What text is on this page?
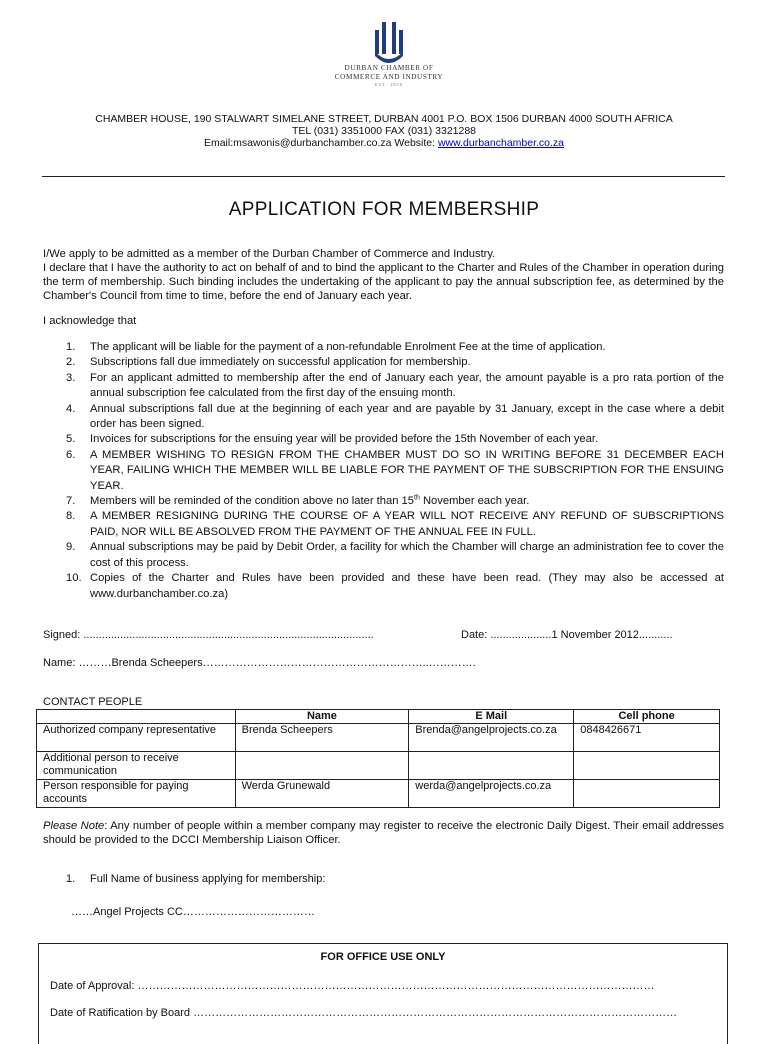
DURBAN CHAMBER OF
COMMERCE AND INDUSTRY
EST. 1856
CHAMBER HOUSE, 190 STALWART SIMELANE STREET, DURBAN 4001 P.O. BOX 1506 DURBAN 4000 SOUTH AFRICA
TEL (031) 3351000 FAX (031) 3321288
Email:msawonis@durbanchamber.co.za Website: www.durbanchamber.co.za
APPLICATION FOR MEMBERSHIP
I/We apply to be admitted as a member of the Durban Chamber of Commerce and Industry.
I declare that I have the authority to act on behalf of and to bind the applicant to the Charter and Rules of the Chamber in operation during the term of membership. Such binding includes the undertaking of the applicant to pay the annual subscription fee, as determined by the Chamber's Council from time to time, before the end of January each year.
I acknowledge that
1. The applicant will be liable for the payment of a non-refundable Enrolment Fee at the time of application.
2. Subscriptions fall due immediately on successful application for membership.
3. For an applicant admitted to membership after the end of January each year, the amount payable is a pro rata portion of the annual subscription fee calculated from the first day of the ensuing month.
4. Annual subscriptions fall due at the beginning of each year and are payable by 31 January, except in the case where a debit order has been signed.
5. Invoices for subscriptions for the ensuing year will be provided before the 15th November of each year.
6. A MEMBER WISHING TO RESIGN FROM THE CHAMBER MUST DO SO IN WRITING BEFORE 31 DECEMBER EACH YEAR, FAILING WHICH THE MEMBER WILL BE LIABLE FOR THE PAYMENT OF THE SUBSCRIPTION FOR THE ENSUING YEAR.
7. Members will be reminded of the condition above no later than 15th November each year.
8. A MEMBER RESIGNING DURING THE COURSE OF A YEAR WILL NOT RECEIVE ANY REFUND OF SUBSCRIPTIONS PAID, NOR WILL BE ABSOLVED FROM THE PAYMENT OF THE ANNUAL FEE IN FULL.
9. Annual subscriptions may be paid by Debit Order, a facility for which the Chamber will charge an administration fee to cover the cost of this process.
10. Copies of the Charter and Rules have been provided and these have been read. (They may also be accessed at www.durbanchamber.co.za)
Signed: ...............................................................................................	Date: ....................1 November 2012...........
Name: ………Brenda Scheepers……………………………………………………..………….
CONTACT PEOPLE
	Name	E Mail	Cell phone
Authorized company representative	Brenda Scheepers	Brenda@angelprojects.co.za	0848426671
Additional person to receive communication			
Person responsible for paying accounts	Werda Grunewald	werda@angelprojects.co.za	
Please Note: Any number of people within a member company may register to receive the electronic Daily Digest. Their email addresses should be provided to the DCCI Membership Liaison Officer.
1. Full Name of business applying for membership:
……Angel Projects CC………………………………
FOR OFFICE USE ONLY
Date of Approval: ……………………………………………………………………………………………………………………………
Date of Ratification by Board ……………………………………………………………………………………………………………………
